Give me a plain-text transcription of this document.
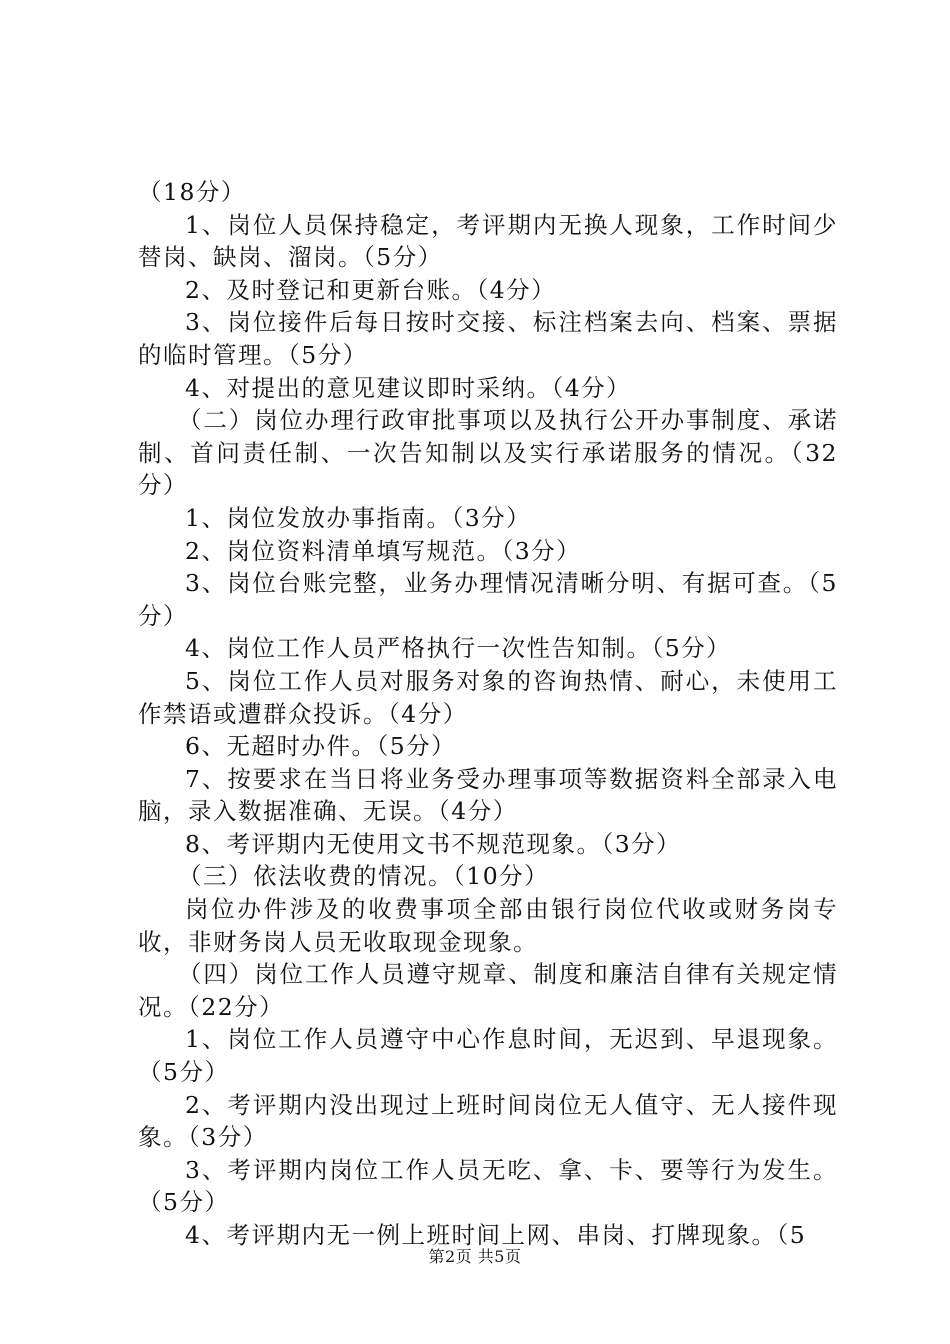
（18分）

1、岗位人员保持稳定，考评期内无换人现象，工作时间少替岗、缺岗、溜岗。（5分）

2、及时登记和更新台账。（4分）

3、岗位接件后每日按时交接、标注档案去向、档案、票据的临时管理。（5分）

4、对提出的意见建议即时采纳。（4分）

（二）岗位办理行政审批事项以及执行公开办事制度、承诺制、首问责任制、一次告知制以及实行承诺服务的情况。（32分）

1、岗位发放办事指南。（3分）

2、岗位资料清单填写规范。（3分）

3、岗位台账完整，业务办理情况清晰分明、有据可查。（5分）

4、岗位工作人员严格执行一次性告知制。（5分）

5、岗位工作人员对服务对象的咨询热情、耐心，未使用工作禁语或遭群众投诉。（4分）

6、无超时办件。（5分）

7、按要求在当日将业务受办理事项等数据资料全部录入电脑，录入数据准确、无误。（4分）

8、考评期内无使用文书不规范现象。（3分）

（三）依法收费的情况。（10分）

岗位办件涉及的收费事项全部由银行岗位代收或财务岗专收，非财务岗人员无收取现金现象。

（四）岗位工作人员遵守规章、制度和廉洁自律有关规定情况。（22分）

1、岗位工作人员遵守中心作息时间，无迟到、早退现象。（5分）

2、考评期内没出现过上班时间岗位无人值守、无人接件现象。（3分）

3、考评期内岗位工作人员无吃、拿、卡、要等行为发生。（5分）

4、考评期内无一例上班时间上网、串岗、打牌现象。（5

第2页 共5页
